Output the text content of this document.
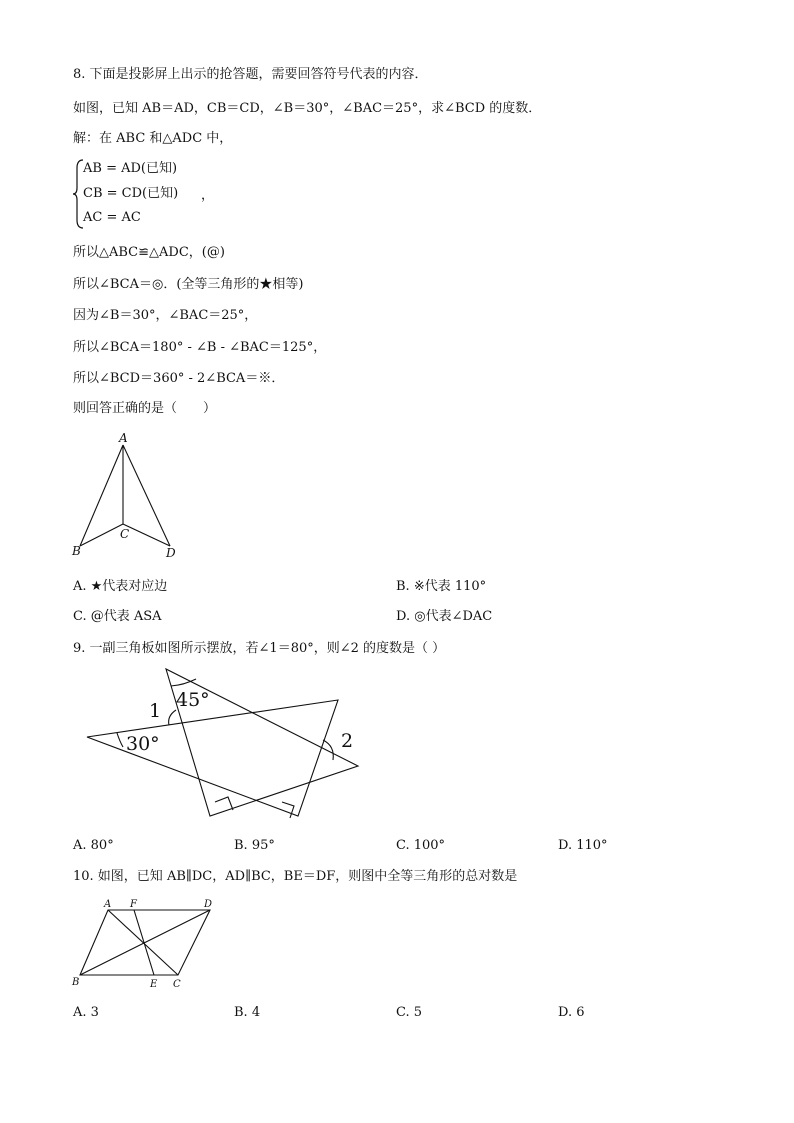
8. 下面是投影屏上出示的抢答题，需要回答符号代表的内容．
如图，已知 AB＝AD，CB＝CD，∠B＝30°，∠BAC＝25°，求∠BCD 的度数．
解：在 ABC 和△ADC 中，
AB = AD(已知)
CB = CD(已知)
AC = AC
，
所以△ABC≌△ADC，(@)
所以∠BCA＝◎．(全等三角形的★相等)
因为∠B＝30°，∠BAC＝25°，
所以∠BCA＝180° - ∠B - ∠BAC＝125°，
所以∠BCD＝360° - 2∠BCA＝※．
则回答正确的是（　　）
A
B
C
D
A. ★代表对应边	B. ※代表 110°
C. @代表 ASA	D. ◎代表∠DAC
9. 一副三角板如图所示摆放，若∠1＝80°，则∠2 的度数是（ ）
45°
1
30°	2
A. 80°	B. 95°	C. 100°	D. 110°
10. 如图，已知 AB∥DC，AD∥BC，BE＝DF，则图中全等三角形的总对数是
A F	D
B	E C
A. 3	B. 4	C. 5	D. 6
